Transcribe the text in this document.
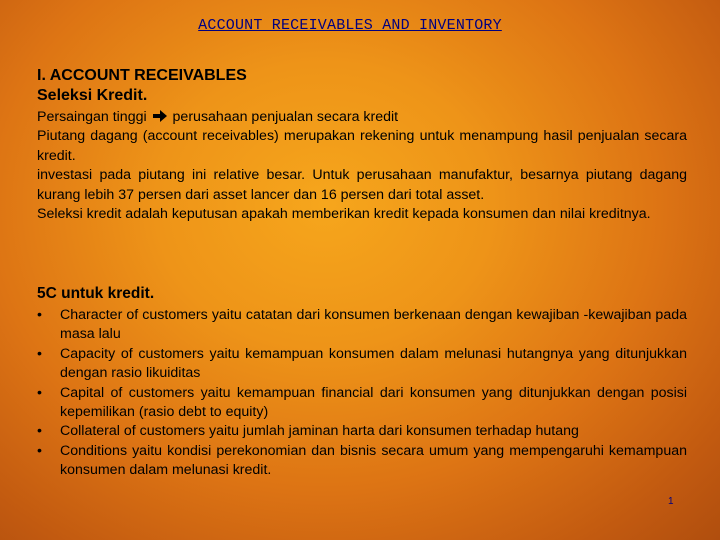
ACCOUNT RECEIVABLES AND INVENTORY
I. ACCOUNT RECEIVABLES
Seleksi Kredit.

Persaingan tinggi perusahaan penjualan secara kredit

Piutang dagang (account receivables) merupakan rekening untuk menampung hasil penjualan secara kredit.

investasi pada piutang ini relative besar. Untuk perusahaan manufaktur, besarnya piutang dagang kurang lebih 37 persen dari asset lancer dan 16 persen dari total asset.

Seleksi kredit adalah keputusan apakah memberikan kredit kepada konsumen dan nilai kreditnya.

5C untuk kredit.
• Character of customers yaitu catatan dari konsumen berkenaan dengan kewajiban -kewajiban pada masa lalu
• Capacity of customers yaitu kemampuan konsumen dalam melunasi hutangnya yang ditunjukkan dengan rasio likuiditas
• Capital of customers yaitu kemampuan financial dari konsumen yang ditunjukkan dengan posisi kepemilikan (rasio debt to equity)
• Collateral of customers yaitu jumlah jaminan harta dari konsumen terhadap hutang
• Conditions yaitu kondisi perekonomian dan bisnis secara umum yang mempengaruhi kemampuan konsumen dalam melunasi kredit.
1
